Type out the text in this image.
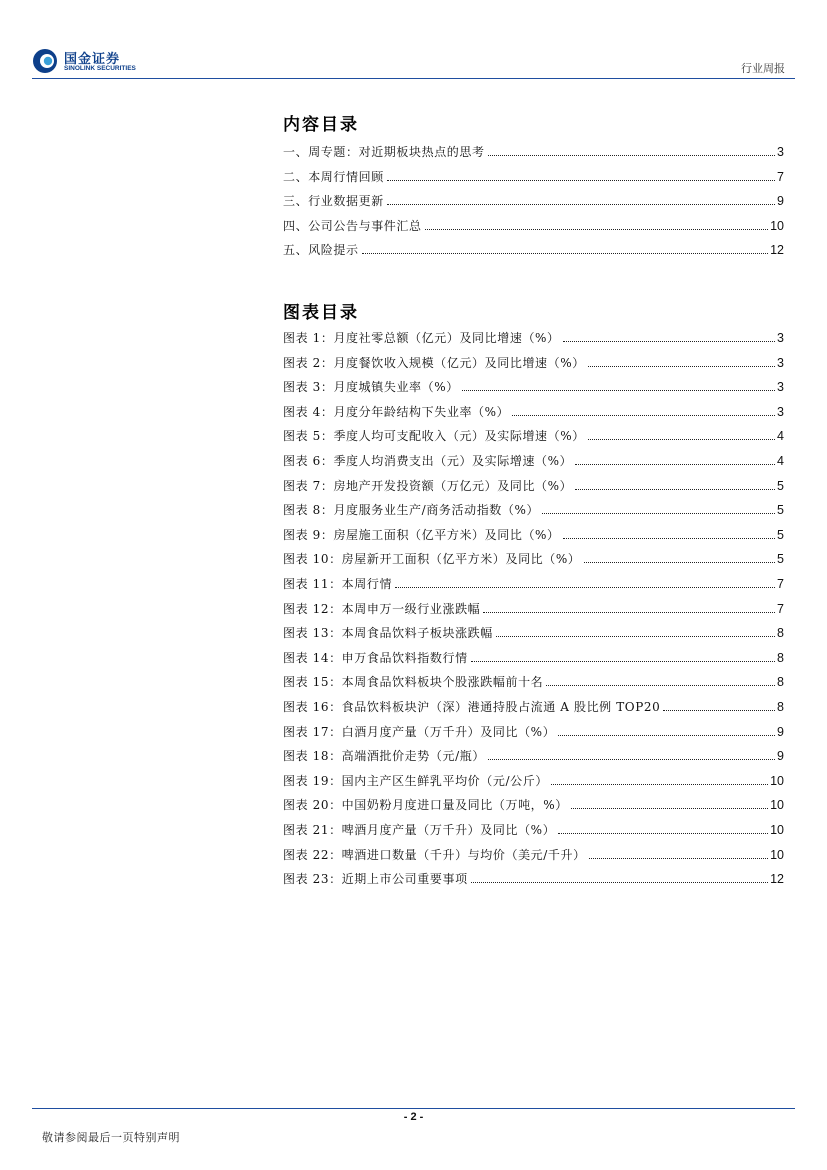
国金证券
SINOLINK SECURITIES	行业周报
内容目录
一、周专题：对近期板块热点的思考	3
二、本周行情回顾	7
三、行业数据更新	9
四、公司公告与事件汇总	10
五、风险提示	12
图表目录
图表 1：月度社零总额（亿元）及同比增速（%）	3
图表 2：月度餐饮收入规模（亿元）及同比增速（%）	3
图表 3：月度城镇失业率（%）	3
图表 4：月度分年龄结构下失业率（%）	3
图表 5：季度人均可支配收入（元）及实际增速（%）	4
图表 6：季度人均消费支出（元）及实际增速（%）	4
图表 7：房地产开发投资额（万亿元）及同比（%）	5
图表 8：月度服务业生产/商务活动指数（%）	5
图表 9：房屋施工面积（亿平方米）及同比（%）	5
图表 10：房屋新开工面积（亿平方米）及同比（%）	5
图表 11：本周行情	7
图表 12：本周申万一级行业涨跌幅	7
图表 13：本周食品饮料子板块涨跌幅	8
图表 14：申万食品饮料指数行情	8
图表 15：本周食品饮料板块个股涨跌幅前十名	8
图表 16：食品饮料板块沪（深）港通持股占流通 A 股比例 TOP20	8
图表 17：白酒月度产量（万千升）及同比（%）	9
图表 18：高端酒批价走势（元/瓶）	9
图表 19：国内主产区生鲜乳平均价（元/公斤）	10
图表 20：中国奶粉月度进口量及同比（万吨，%）	10
图表 21：啤酒月度产量（万千升）及同比（%）	10
图表 22：啤酒进口数量（千升）与均价（美元/千升）	10
图表 23：近期上市公司重要事项	12
- 2 -
敬请参阅最后一页特别声明
